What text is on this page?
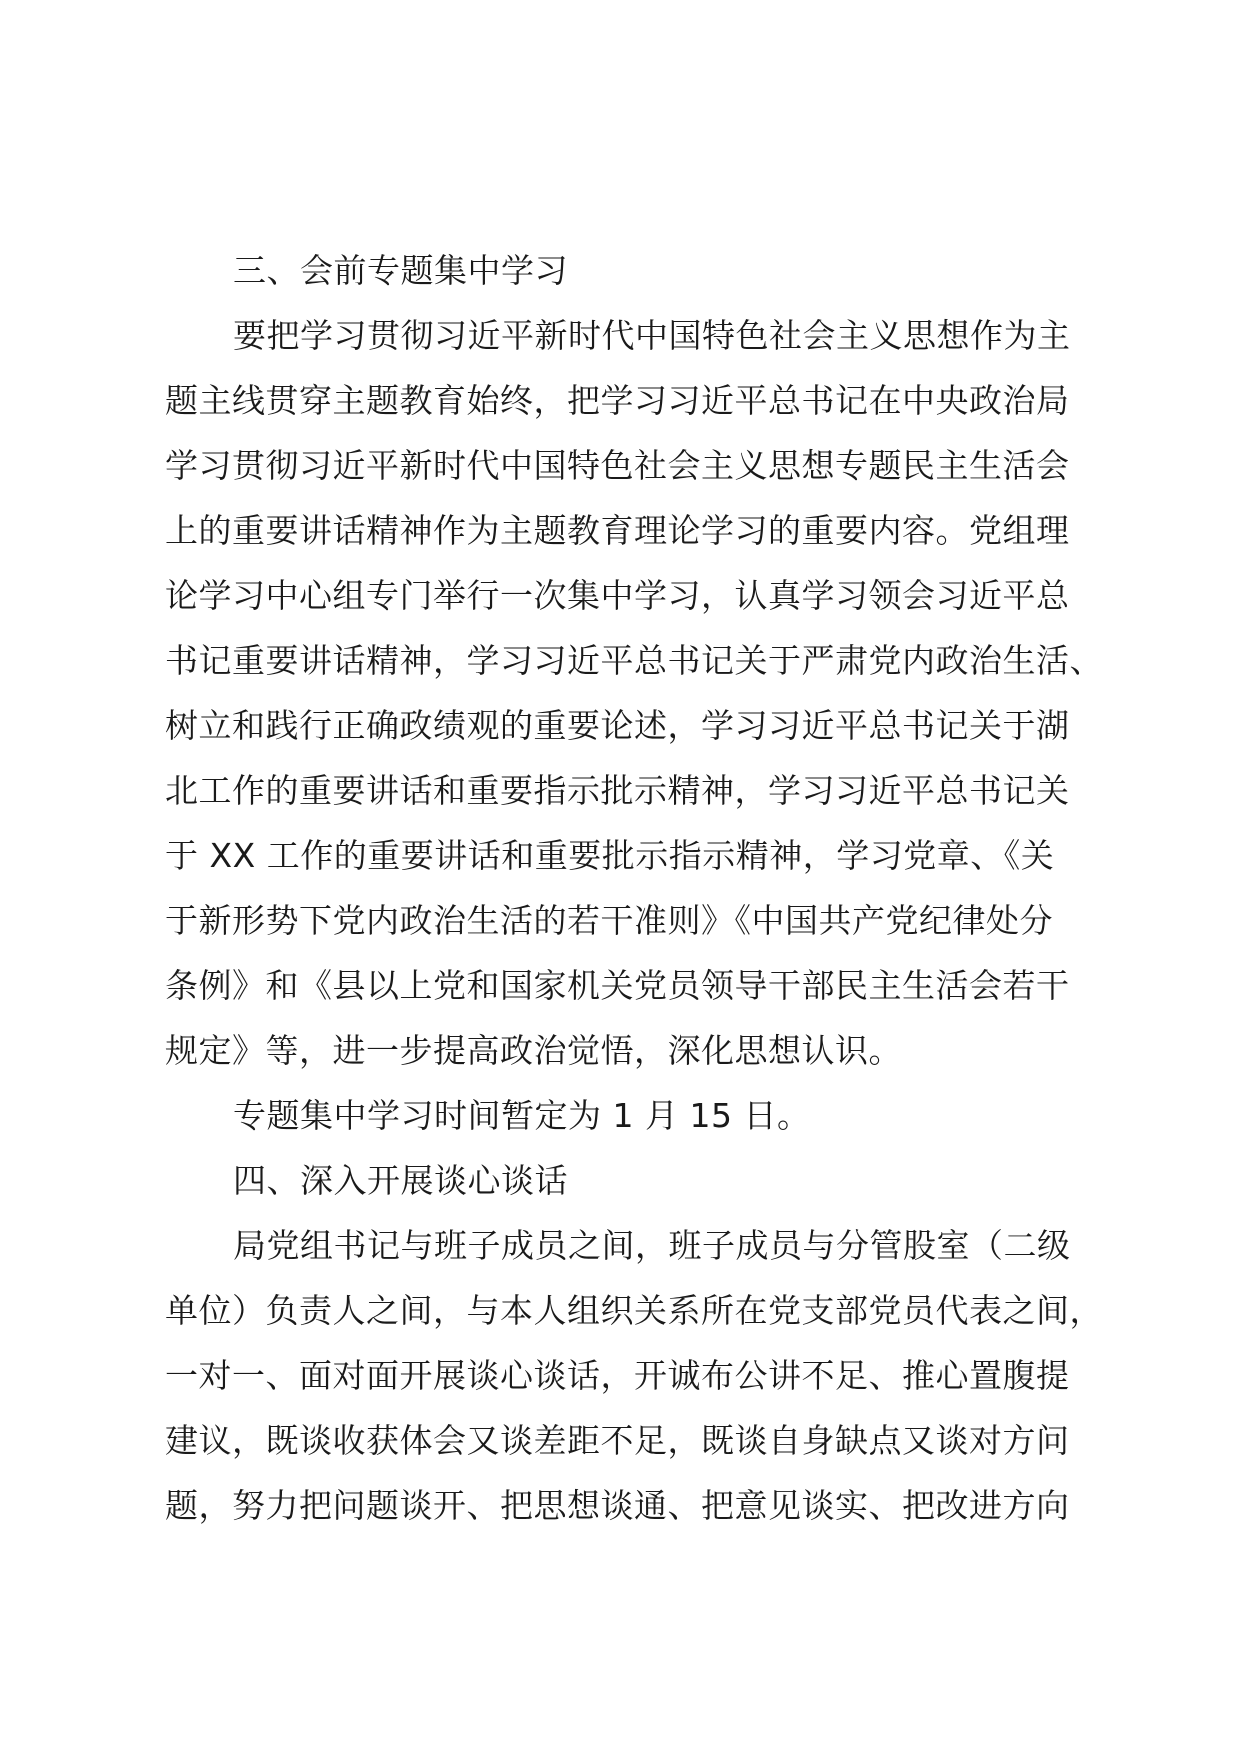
三、会前专题集中学习
要把学习贯彻习近平新时代中国特色社会主义思想作为主
题主线贯穿主题教育始终，把学习习近平总书记在中央政治局
学习贯彻习近平新时代中国特色社会主义思想专题民主生活会
上的重要讲话精神作为主题教育理论学习的重要内容。党组理
论学习中心组专门举行一次集中学习，认真学习领会习近平总
书记重要讲话精神，学习习近平总书记关于严肃党内政治生活、
树立和践行正确政绩观的重要论述，学习习近平总书记关于湖
北工作的重要讲话和重要指示批示精神，学习习近平总书记关
于 XX 工作的重要讲话和重要批示指示精神，学习党章、《关
于新形势下党内政治生活的若干准则》《中国共产党纪律处分
条例》和《县以上党和国家机关党员领导干部民主生活会若干
规定》等，进一步提高政治觉悟，深化思想认识。
专题集中学习时间暂定为 1 月 15 日。
四、深入开展谈心谈话
局党组书记与班子成员之间，班子成员与分管股室（二级
单位）负责人之间，与本人组织关系所在党支部党员代表之间，
一对一、面对面开展谈心谈话，开诚布公讲不足、推心置腹提
建议，既谈收获体会又谈差距不足，既谈自身缺点又谈对方问
题，努力把问题谈开、把思想谈通、把意见谈实、把改进方向
